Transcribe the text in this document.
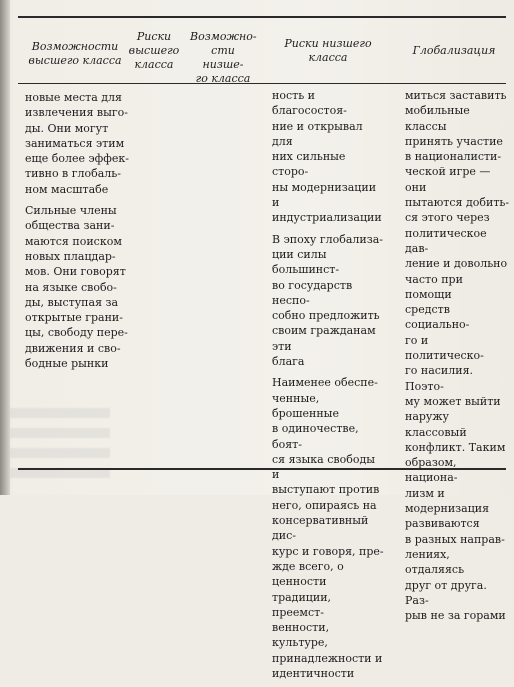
Возможности
высшего класса
Риски
высшего
класса
Возможно-
сти низше-
го класса
Риски низшего
класса
Глобализация

новые места для
извлечения выго-
ды. Они могут
заниматься этим
еще более эффек-
тивно в глобаль-
ном масштабе

Сильные члены
общества зани-
маются поиском
новых плацдар-
мов. Они говорят
на языке свобо-
ды, выступая за
открытые грани-
цы, свободу пере-
движения и сво-
бодные рынки

ность и благосостоя-
ние и открывал для
них сильные сторо-
ны модернизации и
индустриализации

В эпоху глобализа-
ции силы большинст-
во государств неспо-
собно предложить
своим гражданам эти
блага

Наименее обеспе-
ченные, брошенные
в одиночестве, боят-
ся языка свободы и
выступают против
него, опираясь на
консервативный дис-
курс и говоря, пре-
жде всего, о ценности
традиции, преемст-
венности, культуре,
принадлежности и
идентичности

миться заставить
мобильные классы
принять участие
в националисти-
ческой игре — они
пытаются добить-
ся этого через
политическое дав-
ление и довольно
часто при помощи
средств социально-
го и политическо-
го насилия. Поэто-
му может выйти
наружу классовый
конфликт. Таким
образом, национа-
лизм и модернизация
развиваются
в разных направ-
лениях, отдаляясь
друг от друга. Раз-
рыв не за горами
